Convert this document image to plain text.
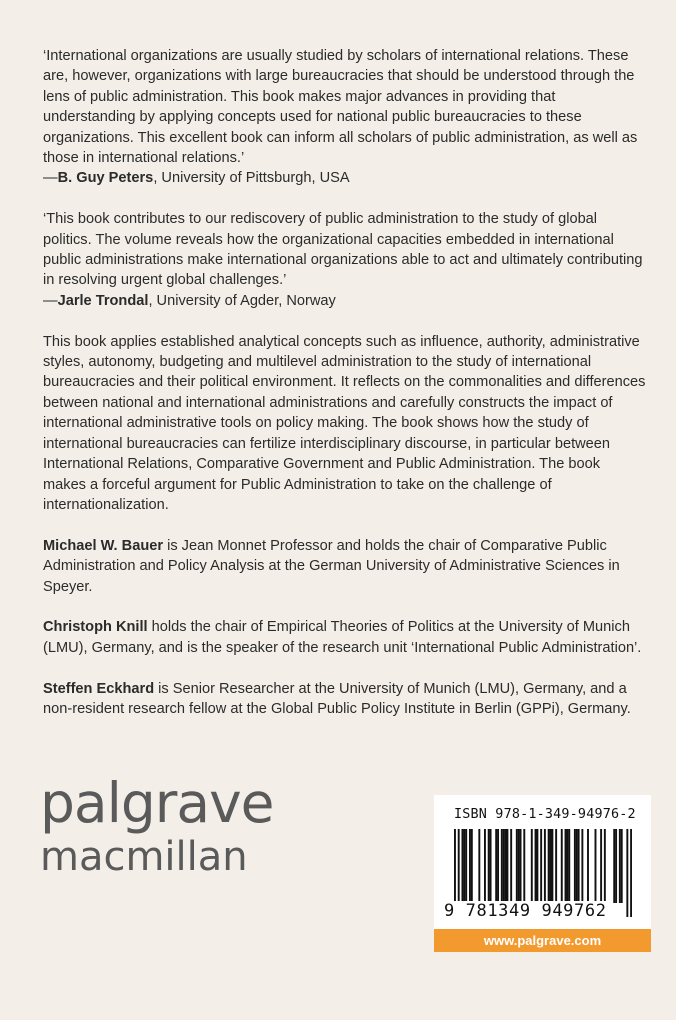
‘International organizations are usually studied by scholars of international relations. These are, however, organizations with large bureaucracies that should be understood through the lens of public administration. This book makes major advances in providing that understanding by applying concepts used for national public bureaucracies to these organizations. This excellent book can inform all scholars of public administration, as well as those in international relations.’
—B. Guy Peters, University of Pittsburgh, USA

‘This book contributes to our rediscovery of public administration to the study of global politics. The volume reveals how the organizational capacities embedded in international public administrations make international organizations able to act and ultimately contributing in resolving urgent global challenges.’
—Jarle Trondal, University of Agder, Norway

This book applies established analytical concepts such as influence, authority, administrative styles, autonomy, budgeting and multilevel administration to the study of international bureaucracies and their political environment. It reflects on the commonalities and differences between national and international administrations and carefully constructs the impact of international administrative tools on policy making. The book shows how the study of international bureaucracies can fertilize interdisciplinary discourse, in particular between International Relations, Comparative Government and Public Administration. The book makes a forceful argument for Public Administration to take on the challenge of internationalization.

Michael W. Bauer is Jean Monnet Professor and holds the chair of Comparative Public Administration and Policy Analysis at the German University of Administrative Sciences in Speyer.

Christoph Knill holds the chair of Empirical Theories of Politics at the University of Munich (LMU), Germany, and is the speaker of the research unit ‘International Public Administration’.

Steffen Eckhard is Senior Researcher at the University of Munich (LMU), Germany, and a non-resident research fellow at the Global Public Policy Institute in Berlin (GPPi), Germany.

palgrave
macmillan
ISBN 978-1-349-94976-2
9 781349 949762
www.palgrave.com
